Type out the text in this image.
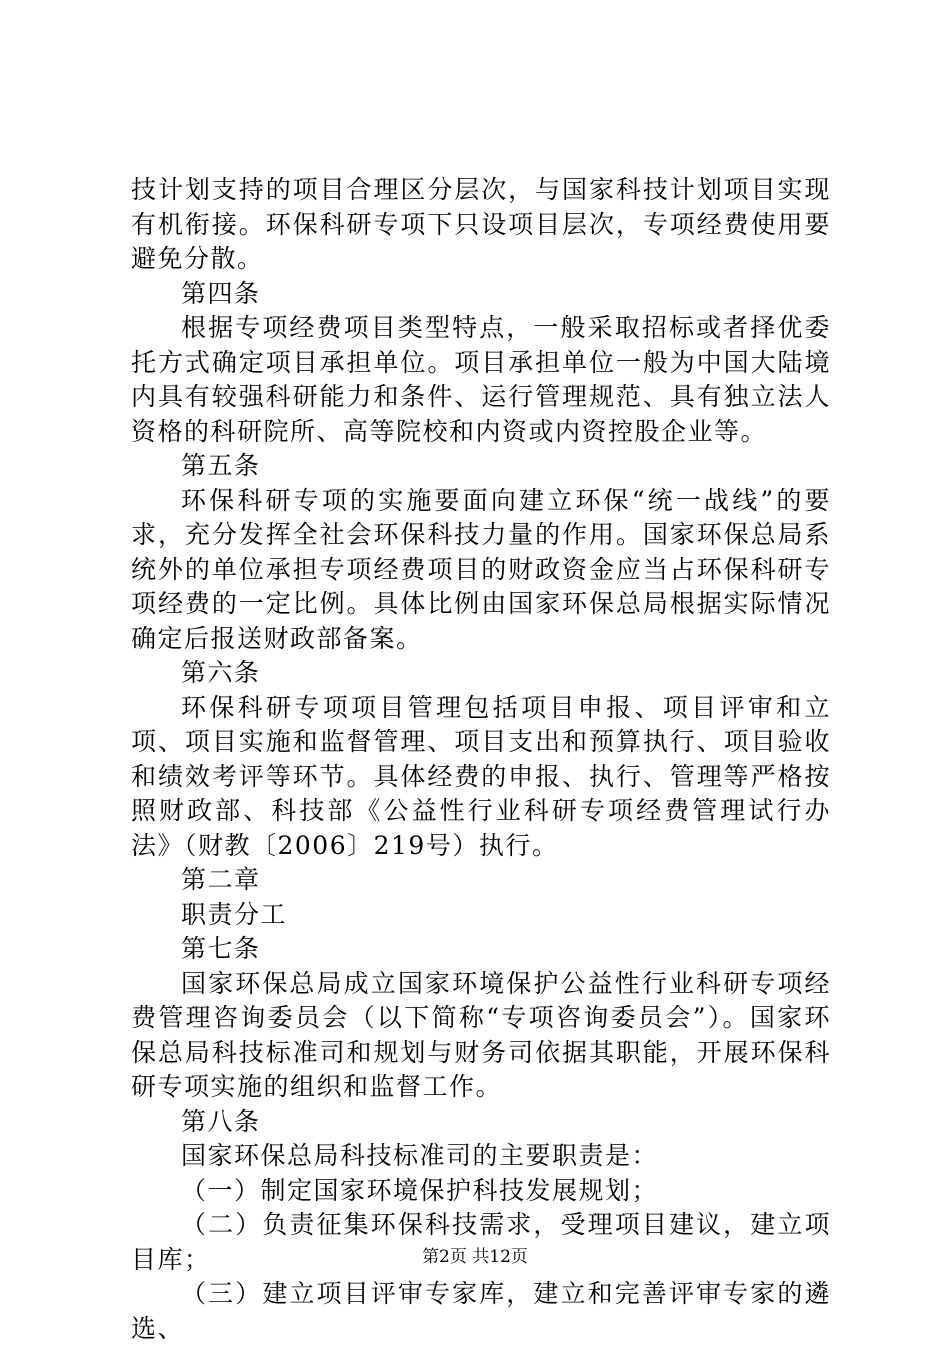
技计划支持的项目合理区分层次，与国家科技计划项目实现有机衔接。环保科研专项下只设项目层次，专项经费使用要避免分散。

第四条

根据专项经费项目类型特点，一般采取招标或者择优委托方式确定项目承担单位。项目承担单位一般为中国大陆境内具有较强科研能力和条件、运行管理规范、具有独立法人资格的科研院所、高等院校和内资或内资控股企业等。

第五条

环保科研专项的实施要面向建立环保“统一战线”的要求，充分发挥全社会环保科技力量的作用。国家环保总局系统外的单位承担专项经费项目的财政资金应当占环保科研专项经费的一定比例。具体比例由国家环保总局根据实际情况确定后报送财政部备案。

第六条

环保科研专项项目管理包括项目申报、项目评审和立项、项目实施和监督管理、项目支出和预算执行、项目验收和绩效考评等环节。具体经费的申报、执行、管理等严格按照财政部、科技部《公益性行业科研专项经费管理试行办法》（财教〔2006〕219号）执行。

第二章

职责分工

第七条

国家环保总局成立国家环境保护公益性行业科研专项经费管理咨询委员会（以下简称“专项咨询委员会”）。国家环保总局科技标准司和规划与财务司依据其职能，开展环保科研专项实施的组织和监督工作。

第八条

国家环保总局科技标准司的主要职责是：

（一）制定国家环境保护科技发展规划；

（二）负责征集环保科技需求，受理项目建议，建立项目库；

（三）建立项目评审专家库，建立和完善评审专家的遴选、

第2页 共12页
